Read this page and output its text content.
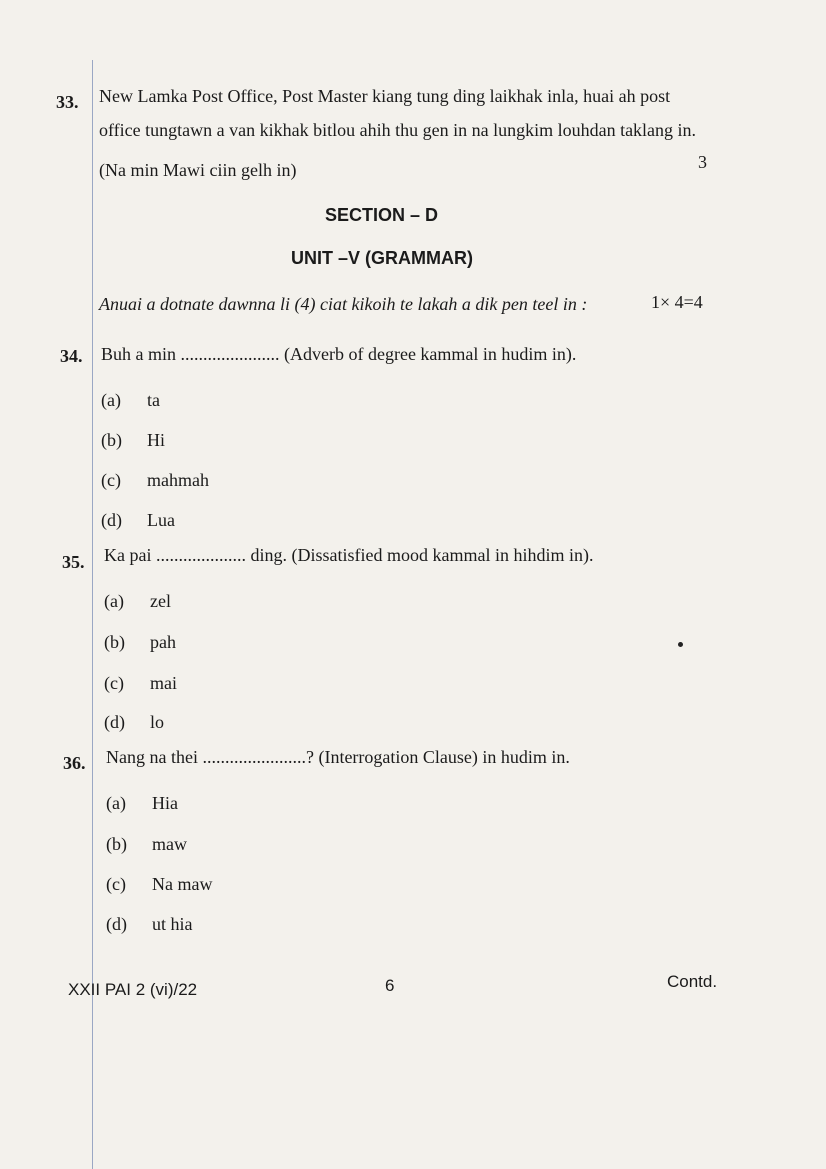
33. New Lamka Post Office, Post Master kiang tung ding laikhak inla, huai ah post
office tungtawn a van kikhak bitlou ahih thu gen in na lungkim louhdan taklang in.
(Na min Mawi ciin gelh in)	3
SECTION – D
UNIT –V (GRAMMAR)
Anuai a dotnate dawnna li (4) ciat kikoih te lakah a dik pen teel in :	1× 4=4
34. Buh a min ...................... (Adverb of degree kammal in hudim in).
(a) ta
(b) Hi
(c) mahmah
(d) Lua
35. Ka pai .................... ding. (Dissatisfied mood kammal in hihdim in).
(a) zel
(b) pah
(c) mai
(d) lo
36. Nang na thei .......................? (Interrogation Clause) in hudim in.
(a) Hia
(b) maw
(c) Na maw
(d) ut hia
XXII PAI 2 (vi)/22	6	Contd.
